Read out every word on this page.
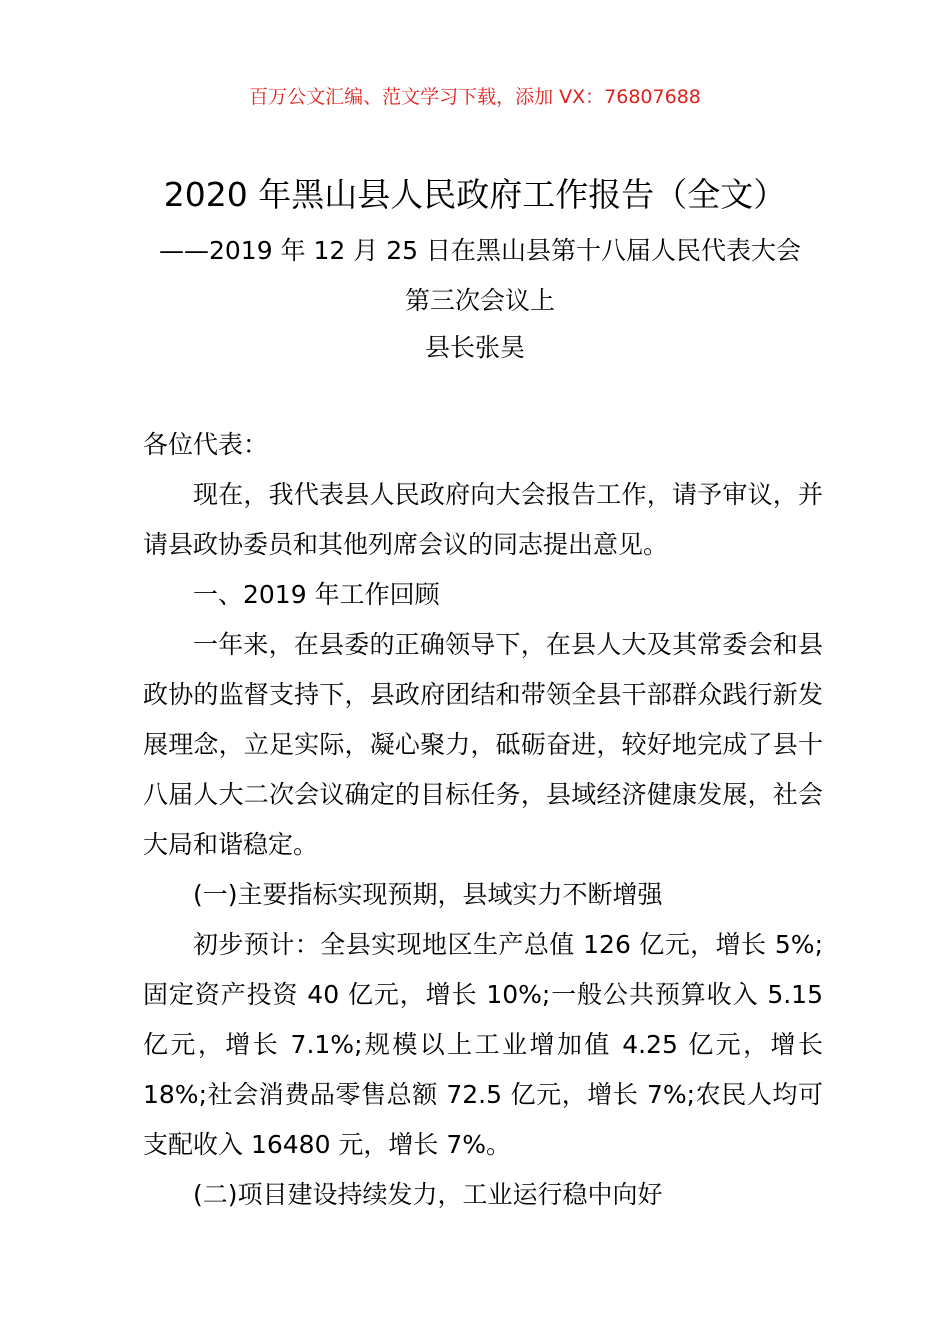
百万公文汇编、范文学习下载，添加 VX：76807688
2020 年黑山县人民政府工作报告（全文）
——2019 年 12 月 25 日在黑山县第十八届人民代表大会第三次会议上
县长张昊

各位代表：

现在，我代表县人民政府向大会报告工作，请予审议，并请县政协委员和其他列席会议的同志提出意见。

一、2019 年工作回顾

一年来，在县委的正确领导下，在县人大及其常委会和县政协的监督支持下，县政府团结和带领全县干部群众践行新发展理念，立足实际，凝心聚力，砥砺奋进，较好地完成了县十八届人大二次会议确定的目标任务，县域经济健康发展，社会大局和谐稳定。

(一)主要指标实现预期，县域实力不断增强

初步预计：全县实现地区生产总值 126 亿元，增长 5%;固定资产投资 40 亿元，增长 10%;一般公共预算收入 5.15 亿元，增长 7.1%;规模以上工业增加值 4.25 亿元，增长 18%;社会消费品零售总额 72.5 亿元，增长 7%;农民人均可支配收入 16480 元，增长 7%。

(二)项目建设持续发力，工业运行稳中向好
